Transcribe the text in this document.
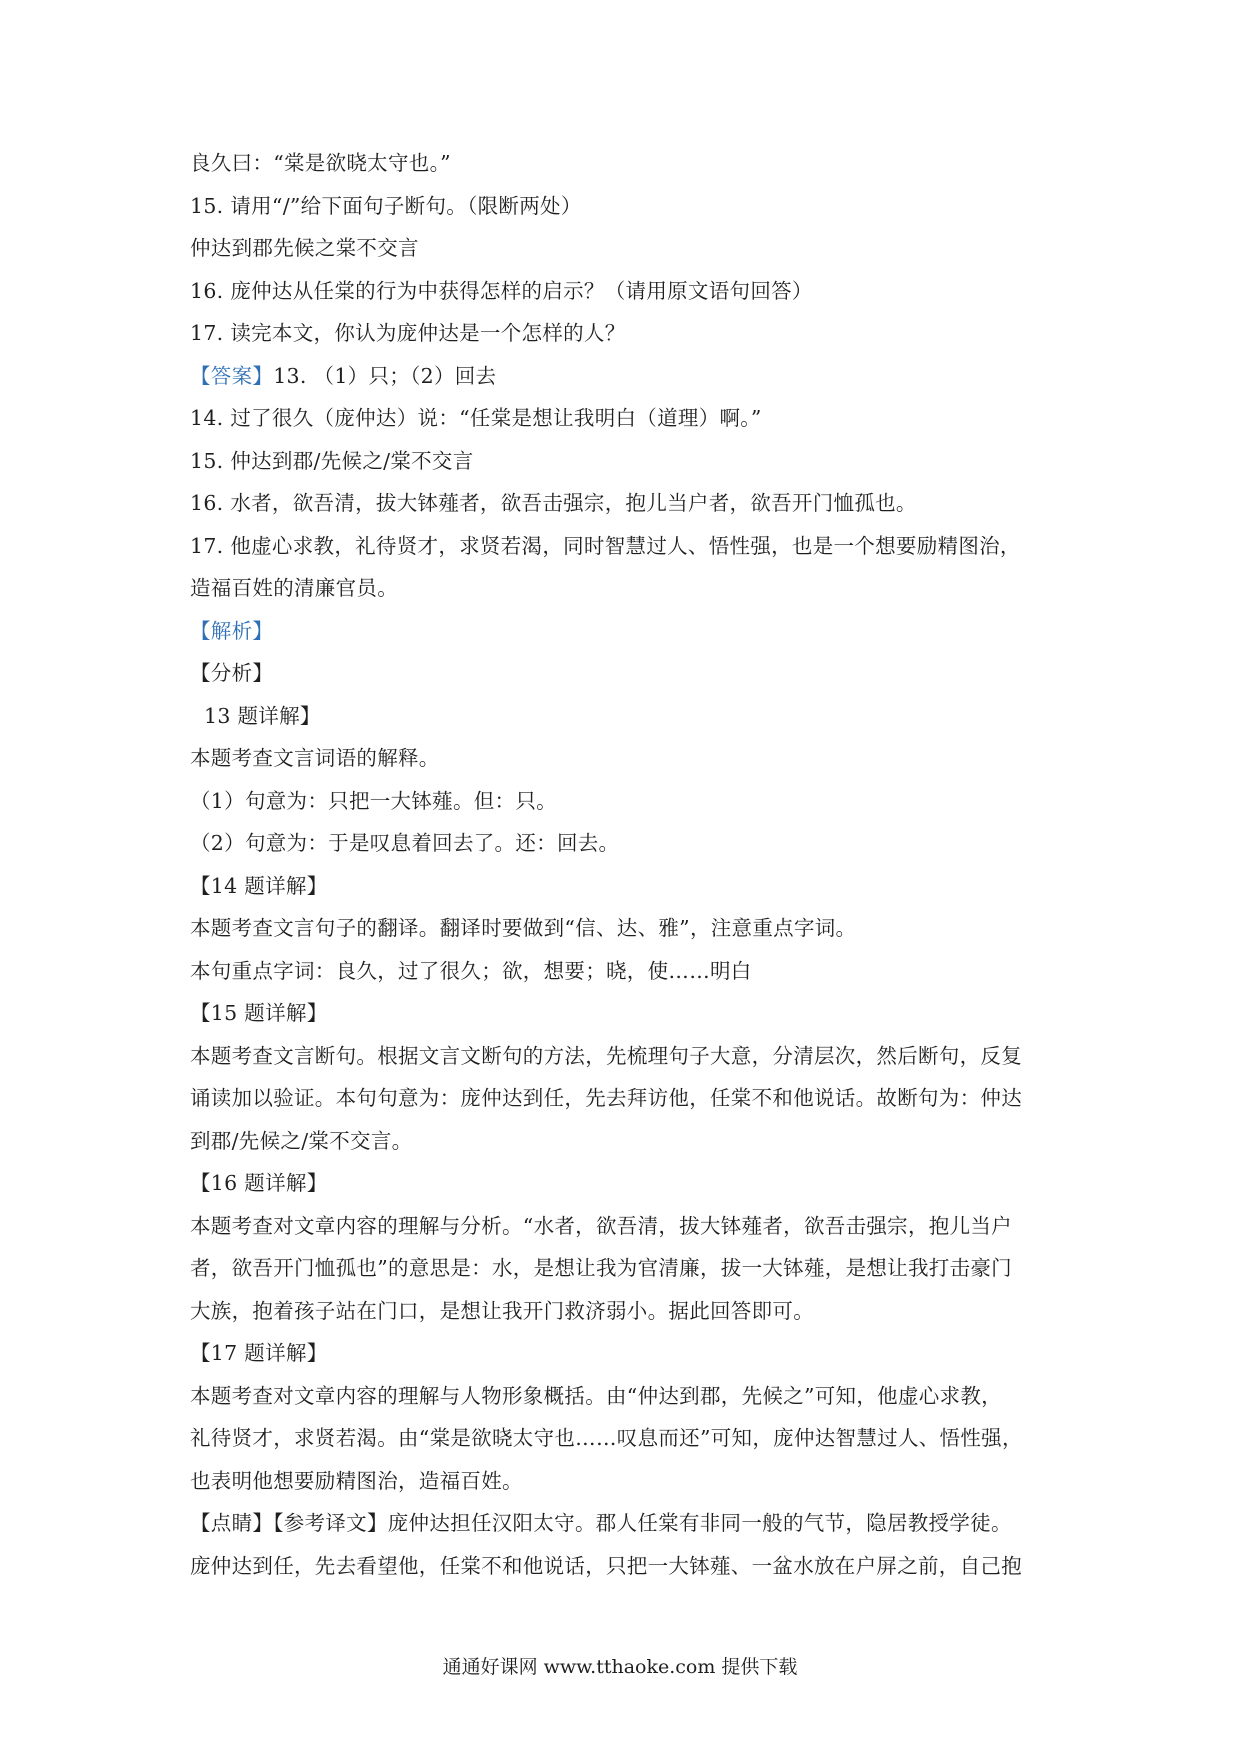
良久曰：“棠是欲晓太守也。”
15. 请用“/”给下面句子断句。（限断两处）
仲达到郡先候之棠不交言
16. 庞仲达从任棠的行为中获得怎样的启示？（请用原文语句回答）
17. 读完本文，你认为庞仲达是一个怎样的人？
【答案】13. （1）只；（2）回去
14. 过了很久（庞仲达）说：“任棠是想让我明白（道理）啊。”
15. 仲达到郡/先候之/棠不交言
16. 水者，欲吾清，拔大钵薤者，欲吾击强宗，抱儿当户者，欲吾开门恤孤也。
17. 他虚心求教，礼待贤才，求贤若渴，同时智慧过人、悟性强，也是一个想要励精图治，
造福百姓的清廉官员。
【解析】
【分析】
13 题详解】
本题考查文言词语的解释。
（1）句意为：只把一大钵薤。但：只。
（2）句意为：于是叹息着回去了。还：回去。
【14 题详解】
本题考查文言句子的翻译。翻译时要做到“信、达、雅”，注意重点字词。
本句重点字词：良久，过了很久；欲，想要；晓，使……明白
【15 题详解】
本题考查文言断句。根据文言文断句的方法，先梳理句子大意，分清层次，然后断句，反复
诵读加以验证。本句句意为：庞仲达到任，先去拜访他，任棠不和他说话。故断句为：仲达
到郡/先候之/棠不交言。
【16 题详解】
本题考查对文章内容的理解与分析。“水者，欲吾清，拔大钵薤者，欲吾击强宗，抱儿当户
者，欲吾开门恤孤也”的意思是：水，是想让我为官清廉，拔一大钵薤，是想让我打击豪门
大族，抱着孩子站在门口，是想让我开门救济弱小。据此回答即可。
【17 题详解】
本题考查对文章内容的理解与人物形象概括。由“仲达到郡，先候之”可知，他虚心求教，
礼待贤才，求贤若渴。由“棠是欲晓太守也……叹息而还”可知，庞仲达智慧过人、悟性强，
也表明他想要励精图治，造福百姓。
【点睛】【参考译文】庞仲达担任汉阳太守。郡人任棠有非同一般的气节，隐居教授学徒。
庞仲达到任，先去看望他，任棠不和他说话，只把一大钵薤、一盆水放在户屏之前，自己抱
通通好课网 www.tthaoke.com 提供下载
